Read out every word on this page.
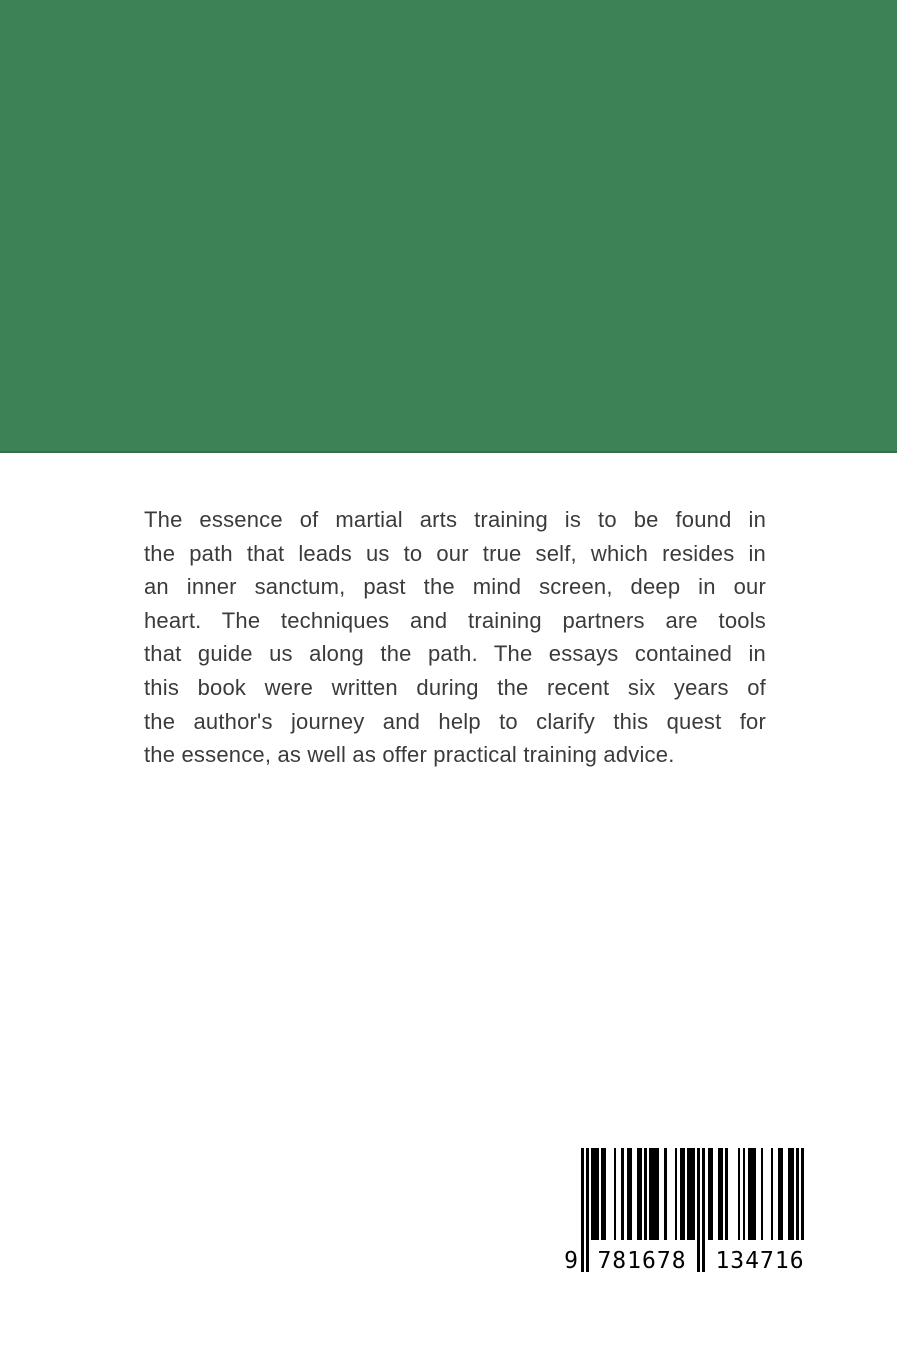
The essence of martial arts training is to be found in
the path that leads us to our true self, which resides in
an inner sanctum, past the mind screen, deep in our
heart. The techniques and training partners are tools
that guide us along the path. The essays contained in
this book were written during the recent six years of
the author's journey and help to clarify this quest for
the essence, as well as offer practical training advice.
9 781678 134716
